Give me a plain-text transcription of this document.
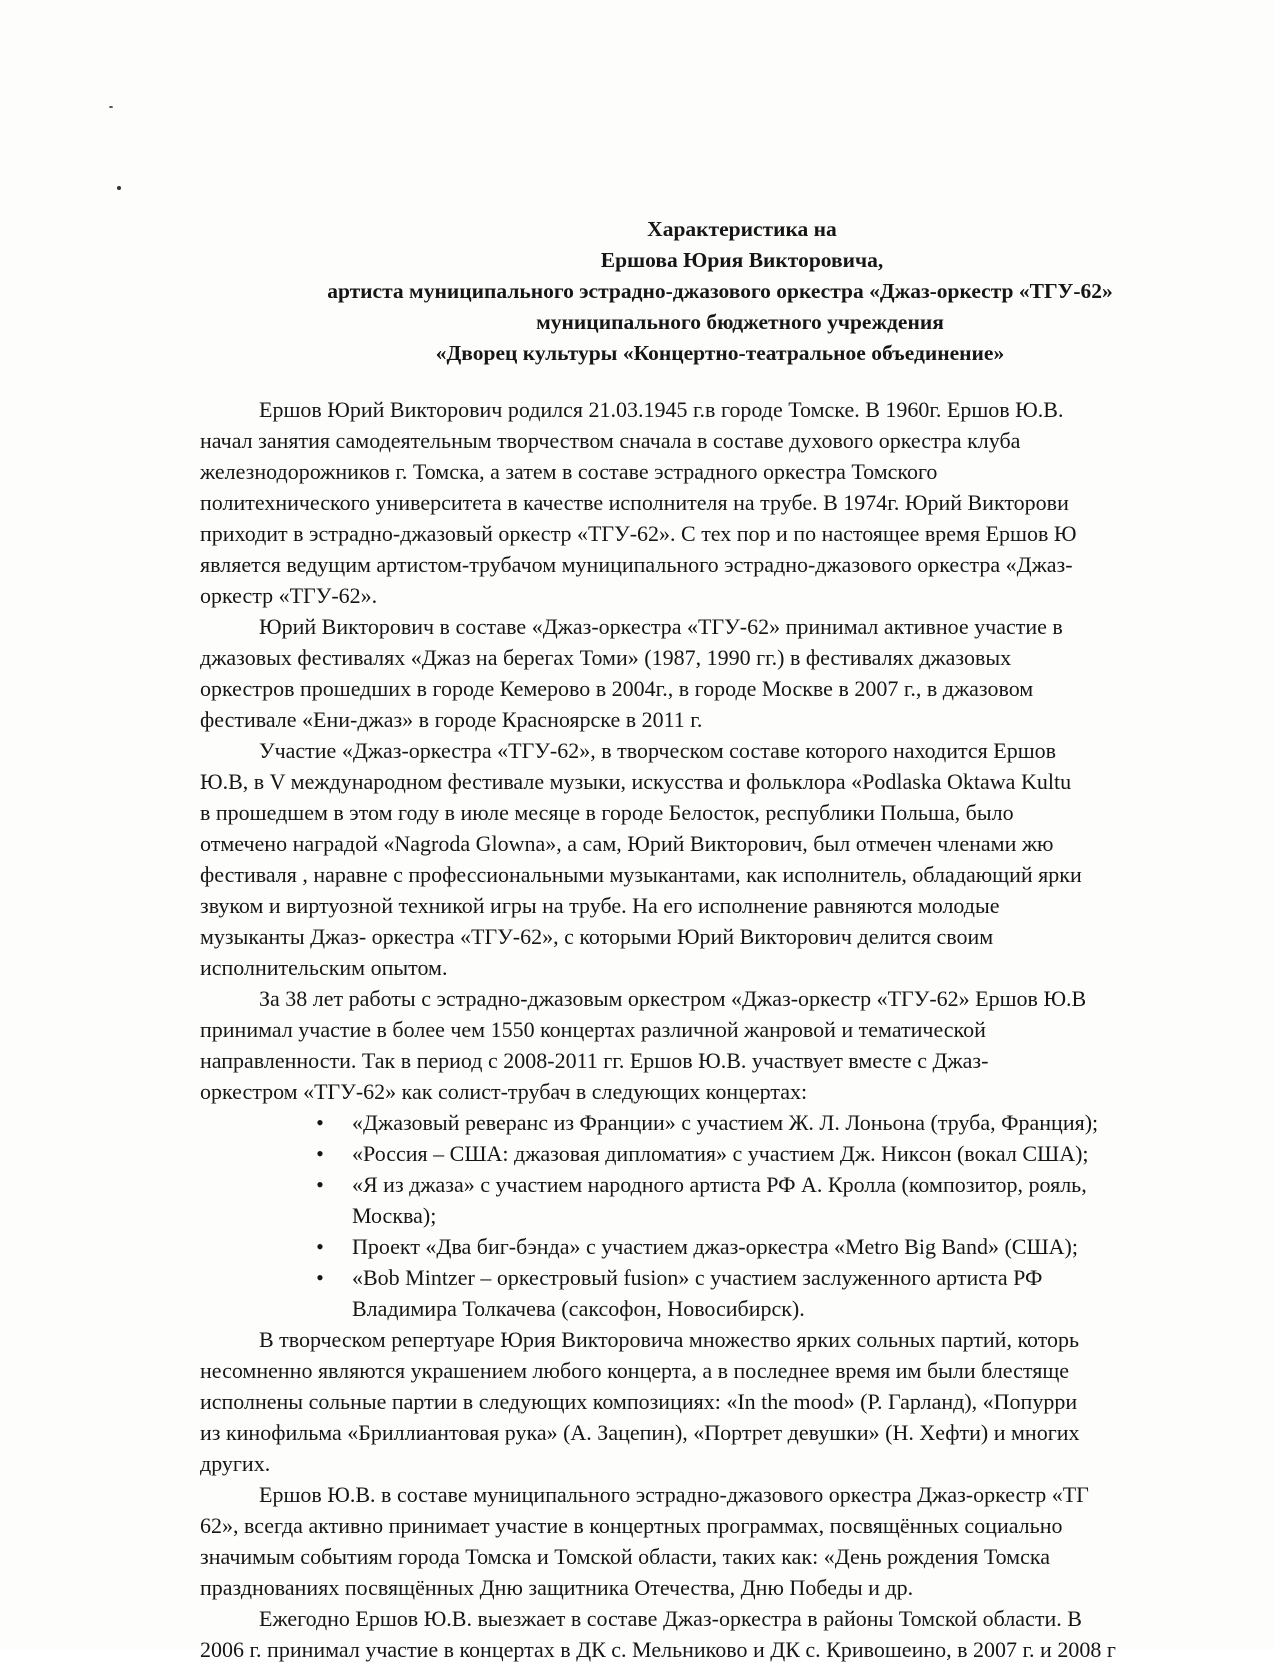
Характеристика на
Ершова Юрия Викторовича,
артиста муниципального эстрадно-джазового оркестра «Джаз-оркестр «ТГУ-62»
муниципального бюджетного учреждения
«Дворец культуры «Концертно-театральное объединение»

Ершов Юрий Викторович родился 21.03.1945 г.в городе Томске. В 1960г. Ершов Ю.В.
начал занятия самодеятельным творчеством сначала в составе духового оркестра клуба
железнодорожников г. Томска, а затем в составе эстрадного оркестра Томского
политехнического университета в качестве исполнителя на трубе. В 1974г. Юрий Викторови
приходит в эстрадно-джазовый оркестр «ТГУ-62». С тех пор и по настоящее время Ершов Ю
является ведущим артистом-трубачом муниципального эстрадно-джазового оркестра «Джаз-
оркестр «ТГУ-62».

Юрий Викторович в составе «Джаз-оркестра «ТГУ-62» принимал активное участие в
джазовых фестивалях «Джаз на берегах Томи» (1987, 1990 гг.) в фестивалях джазовых
оркестров прошедших в городе Кемерово в 2004г., в городе Москве в 2007 г., в джазовом
фестивале «Ени-джаз» в городе Красноярске в 2011 г.

Участие «Джаз-оркестра «ТГУ-62», в творческом составе которого находится Ершов
Ю.В, в V международном фестивале музыки, искусства и фольклора «Podlaska Oktawa Kultu
в прошедшем в этом году в июле месяце в городе Белосток, республики Польша, было
отмечено наградой «Nagroda Glowna», а сам, Юрий Викторович, был отмечен членами жю
фестиваля , наравне с профессиональными музыкантами, как исполнитель, обладающий ярки
звуком и виртуозной техникой игры на трубе. На его исполнение равняются молодые
музыканты Джаз- оркестра «ТГУ-62», с которыми Юрий Викторович делится своим
исполнительским опытом.

За 38 лет работы с эстрадно-джазовым оркестром «Джаз-оркестр «ТГУ-62» Ершов Ю.В
принимал участие в более чем 1550 концертах различной жанровой и тематической
направленности. Так в период с 2008-2011 гг. Ершов Ю.В. участвует вместе с Джаз-
оркестром «ТГУ-62» как солист-трубач в следующих концертах:

• «Джазовый реверанс из Франции» с участием Ж. Л. Лоньона (труба, Франция);
• «Россия – США: джазовая дипломатия» с участием Дж. Никсон (вокал США);
• «Я из джаза» с участием народного артиста РФ А. Кролла (композитор, рояль,
Москва);
• Проект «Два биг-бэнда» с участием джаз-оркестра «Metro Big Band» (США);
• «Bob Mintzer – оркестровый fusion» с участием заслуженного артиста РФ
Владимира Толкачева (саксофон, Новосибирск).

В творческом репертуаре Юрия Викторовича множество ярких сольных партий, которь
несомненно являются украшением любого концерта, а в последнее время им были блестяще
исполнены сольные партии в следующих композициях: «In the mood» (Р. Гарланд), «Попурри
из кинофильма «Бриллиантовая рука» (А. Зацепин), «Портрет девушки» (Н. Хефти) и многих
других.

Ершов Ю.В. в составе муниципального эстрадно-джазового оркестра Джаз-оркестр «ТГ
62», всегда активно принимает участие в концертных программах, посвящённых социально
значимым событиям города Томска и Томской области, таких как: «День рождения Томска
празднованиях посвящённых Дню защитника Отечества, Дню Победы и др.

Ежегодно Ершов Ю.В. выезжает в составе Джаз-оркестра в районы Томской области. В
2006 г. принимал участие в концертах в ДК с. Мельниково и ДК с. Кривошеино, в 2007 г. и 2008 г
